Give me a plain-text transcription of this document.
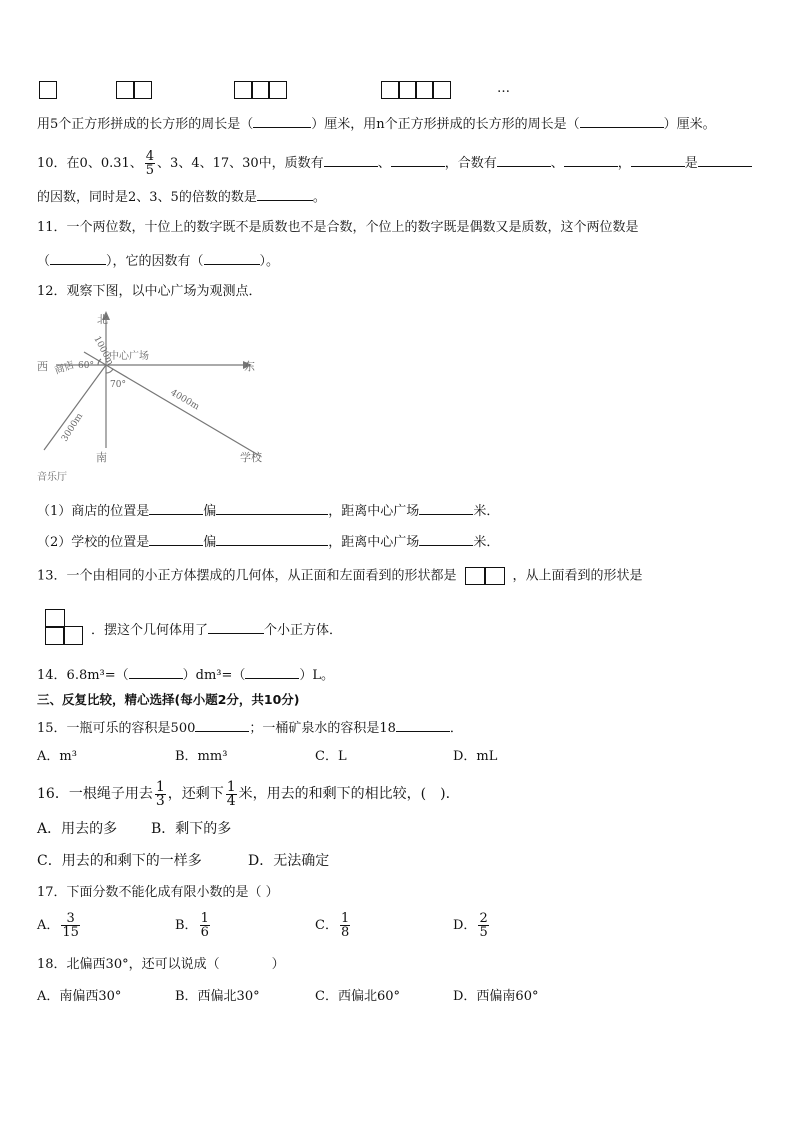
…
用5个正方形拼成的长方形的周长是（	）厘米，用n个正方形拼成的长方形的周长是（	）厘米。
10．在0、0.31、 $\frac{4}{5}$ 、3、4、17、30中，质数有	、	，合数有	、	，	是
的因数，同时是2、3、5的倍数的数是	。
11．一个两位数，十位上的数字既不是质数也不是合数，个位上的数字既是偶数又是质数，这个两位数是
（	），它的因数有（	）。
12．观察下图，以中心广场为观测点．
北
西	东
南
中心广场
商店
学校
音乐厅
60°
70°
1000m
4000m
3000m
（1）商店的位置是	偏	，距离中心广场	米．
（2）学校的位置是	偏	，距离中心广场	米．
13．一个由相同的小正方体摆成的几何体，从正面和左面看到的形状都是	，从上面看到的形状是
．摆这个几何体用了	个小正方体．
14．6.8m³=（	）dm³=（	）L。
三、反复比较，精心选择(每小题2分，共10分)
15．一瓶可乐的容积是500	；一桶矿泉水的容积是18	．
A．m³	B．mm³	C．L	D．mL
16．一根绳子用去 $\frac{1}{3}$ ，还剩下 $\frac{1}{4}$ 米，用去的和剩下的相比较，(　).
A．用去的多 B．剩下的多
C．用去的和剩下的一样多	D．无法确定
17．下面分数不能化成有限小数的是（ ）
A． $\frac{3}{15}$	B． $\frac{1}{6}$	C． $\frac{1}{8}$	D． $\frac{2}{5}$
18．北偏西30°，还可以说成（　　　　）
A．南偏西30°	B．西偏北30°	C．西偏北60°	D．西偏南60°
